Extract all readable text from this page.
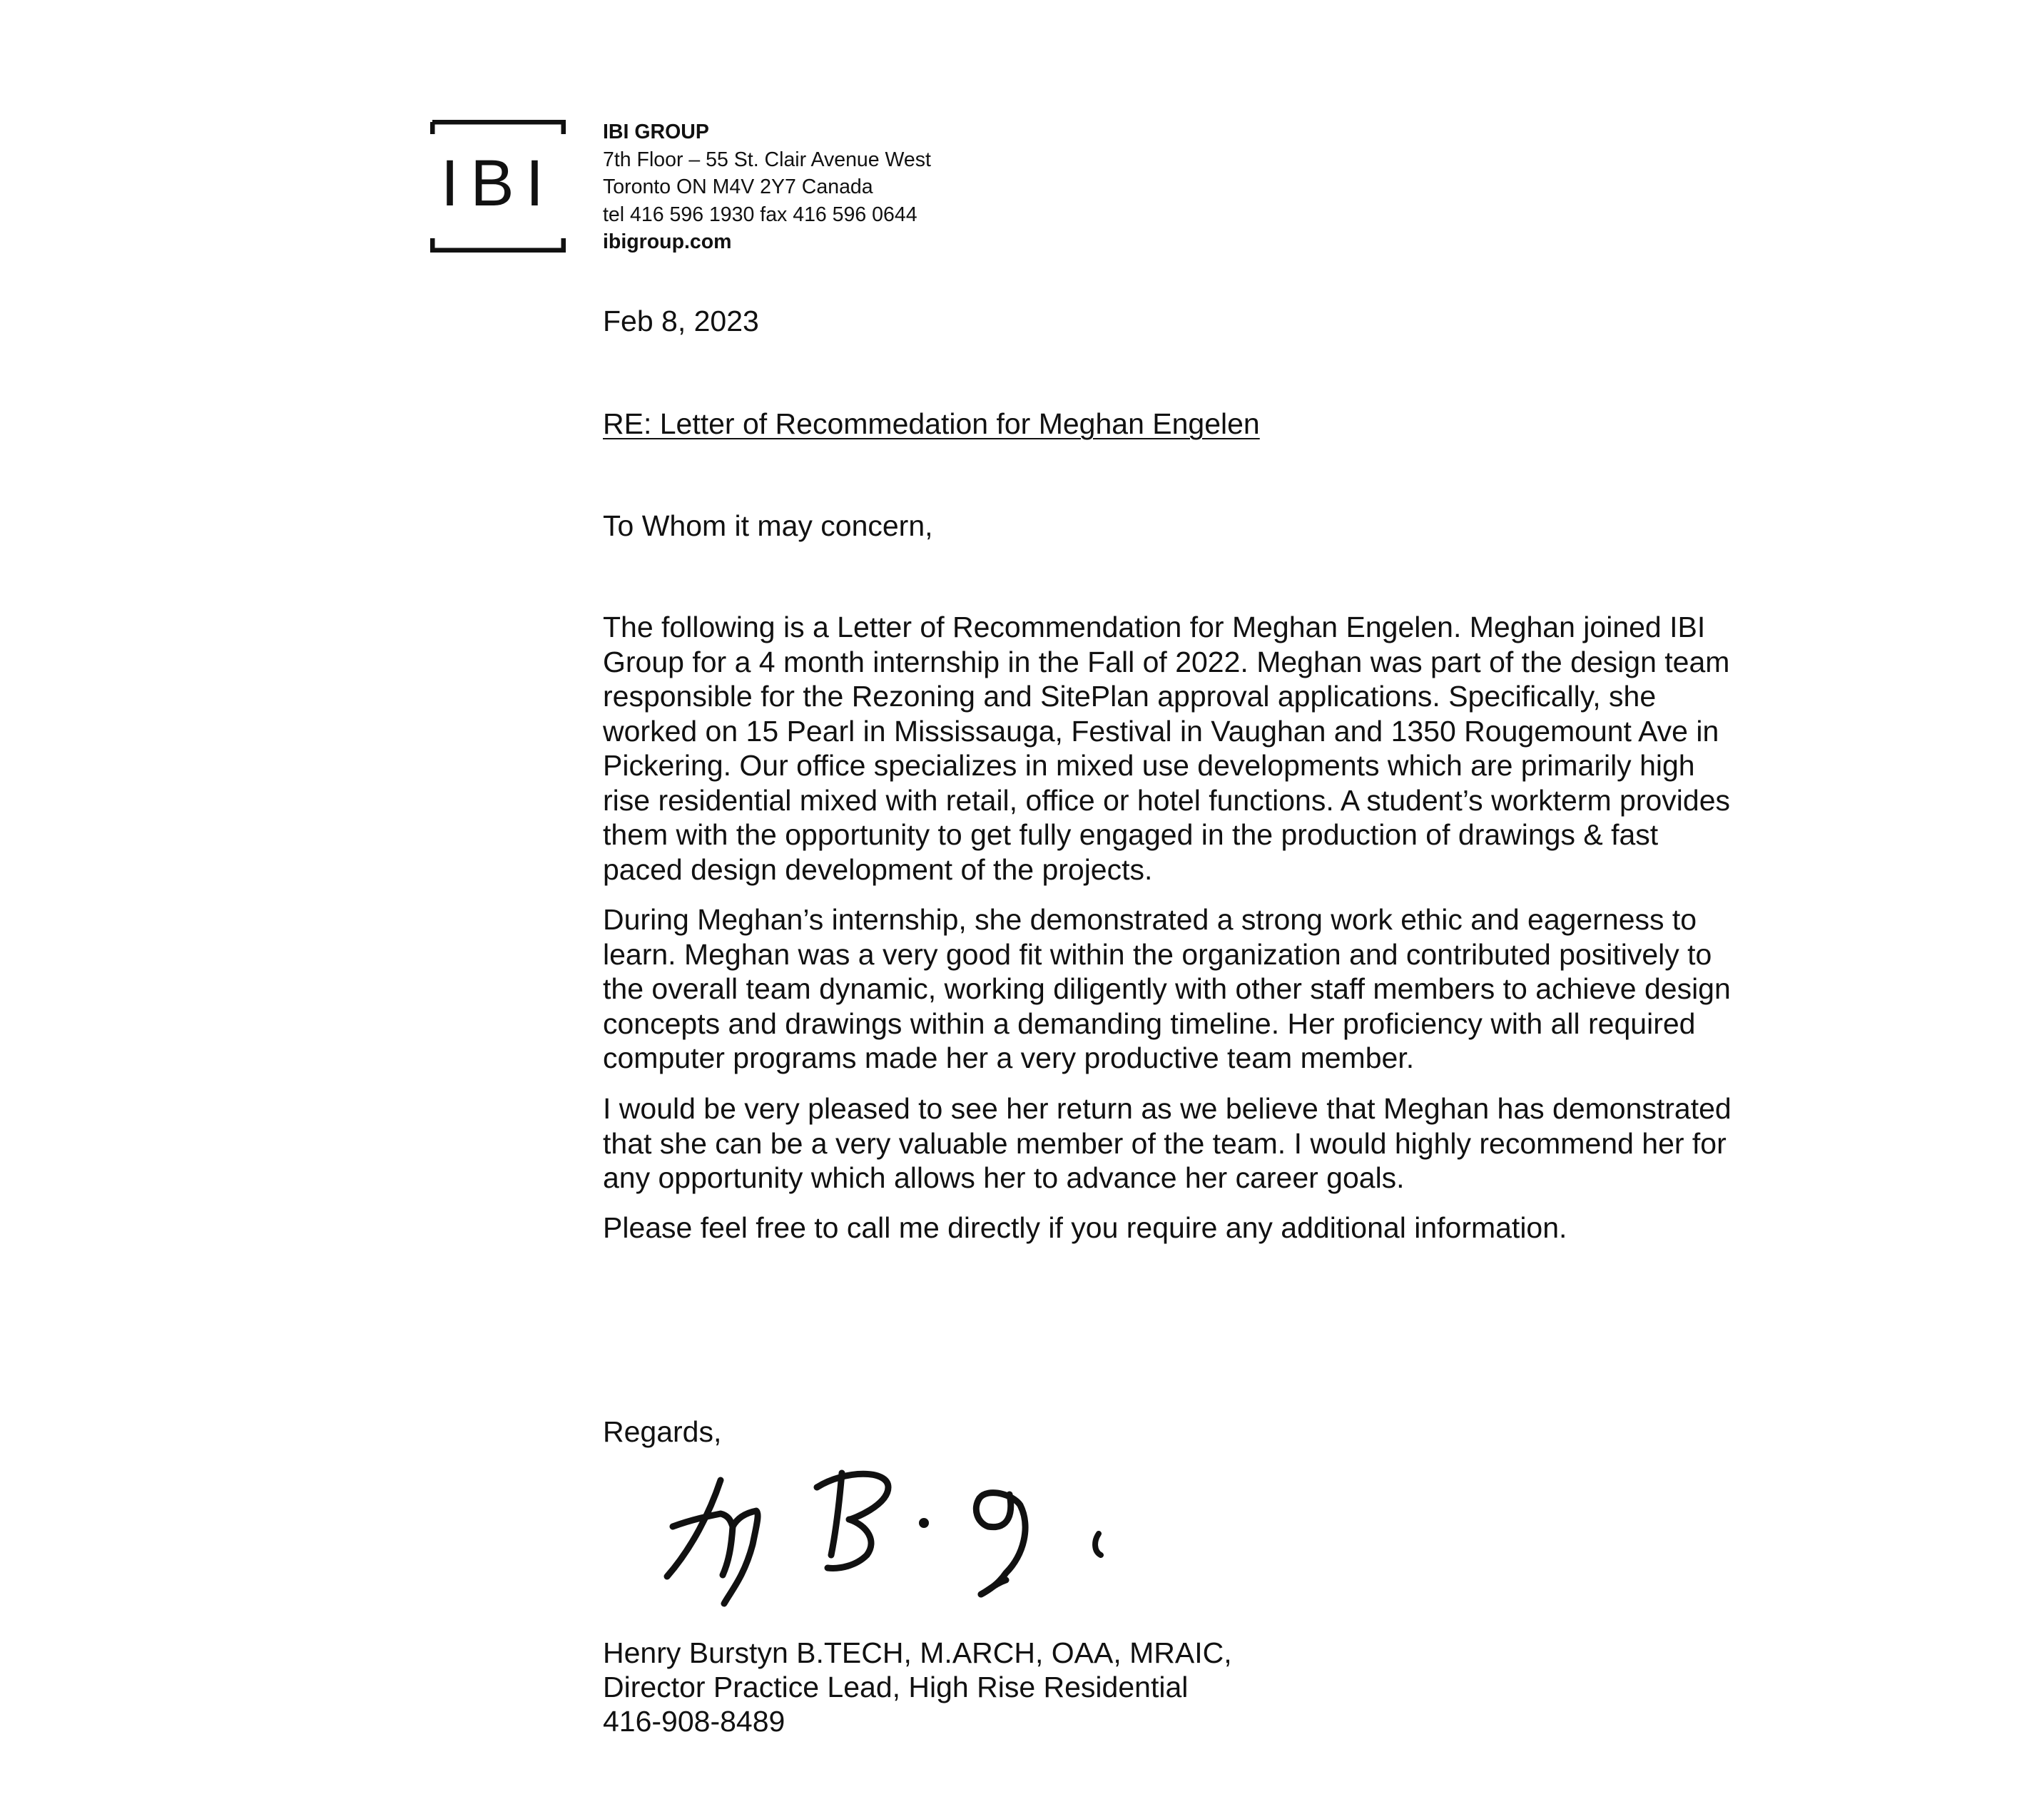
IBI
IBI GROUP
7th Floor – 55 St. Clair Avenue West
Toronto ON M4V 2Y7 Canada
tel 416 596 1930 fax 416 596 0644
ibigroup.com
Feb 8, 2023
RE: Letter of Recommedation for Meghan Engelen
To Whom it may concern,
The following is a Letter of Recommendation for Meghan Engelen. Meghan joined IBI
Group for a 4 month internship in the Fall of 2022. Meghan was part of the design team
responsible for the Rezoning and SitePlan approval applications. Specifically, she
worked on 15 Pearl in Mississauga, Festival in Vaughan and 1350 Rougemount Ave in
Pickering. Our office specializes in mixed use developments which are primarily high
rise residential mixed with retail, office or hotel functions. A student’s workterm provides
them with the opportunity to get fully engaged in the production of drawings & fast
paced design development of the projects.
During Meghan’s internship, she demonstrated a strong work ethic and eagerness to
learn. Meghan was a very good fit within the organization and contributed positively to
the overall team dynamic, working diligently with other staff members to achieve design
concepts and drawings within a demanding timeline. Her proficiency with all required
computer programs made her a very productive team member.
I would be very pleased to see her return as we believe that Meghan has demonstrated
that she can be a very valuable member of the team. I would highly recommend her for
any opportunity which allows her to advance her career goals.
Please feel free to call me directly if you require any additional information.
Regards,
Henry Burstyn B.TECH, M.ARCH, OAA, MRAIC,
Director Practice Lead, High Rise Residential
416-908-8489
